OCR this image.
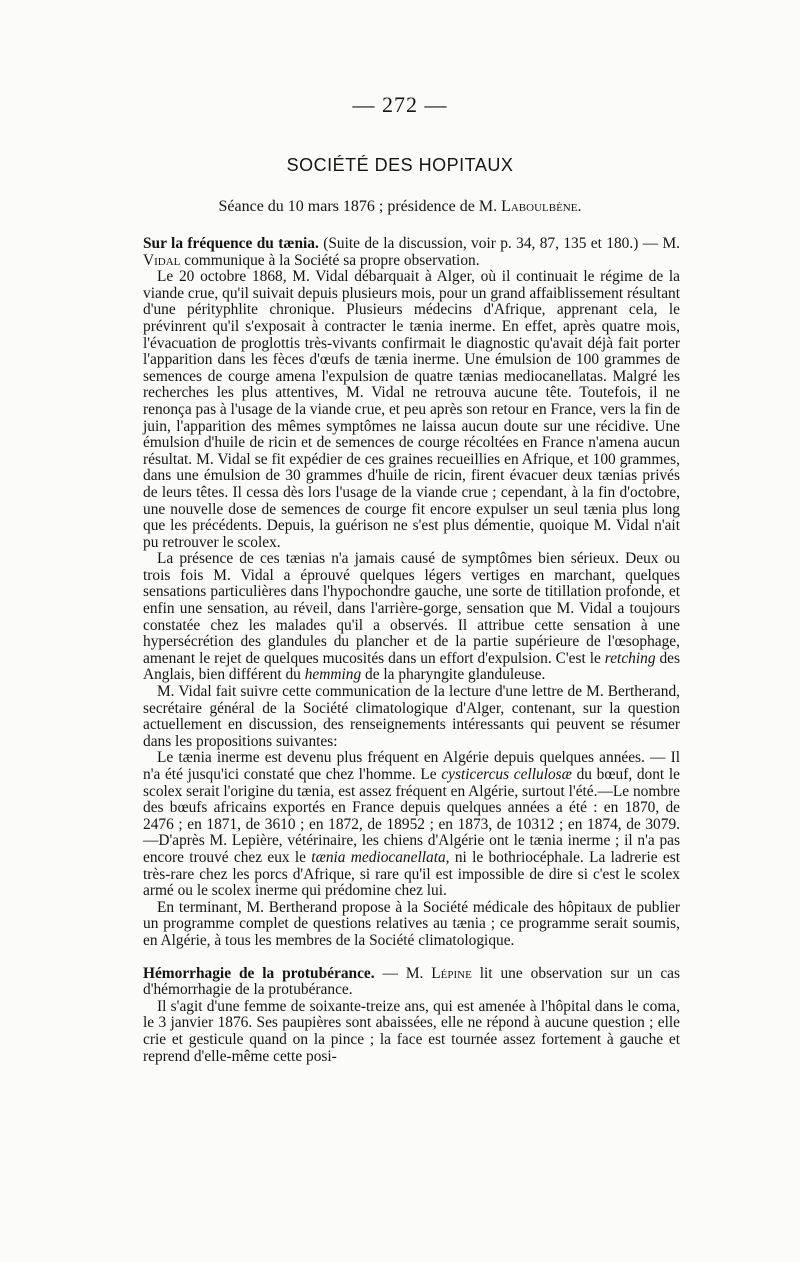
— 272 —
SOCIÉTÉ DES HOPITAUX
Séance du 10 mars 1876 ; présidence de M. Laboulbène.

Sur la fréquence du tænia. (Suite de la discussion, voir p. 34, 87, 135 et 180.) — M. Vidal communique à la Société sa propre observation.

Le 20 octobre 1868, M. Vidal débarquait à Alger, où il continuait le régime de la viande crue, qu'il suivait depuis plusieurs mois, pour un grand affaiblissement résultant d'une pérityphlite chronique. Plusieurs médecins d'Afrique, apprenant cela, le prévinrent qu'il s'exposait à contracter le tænia inerme. En effet, après quatre mois, l'évacuation de proglottis très-vivants confirmait le diagnostic qu'avait déjà fait porter l'apparition dans les fèces d'œufs de tænia inerme. Une émulsion de 100 grammes de semences de courge amena l'expulsion de quatre tænias mediocanellatas. Malgré les recherches les plus attentives, M. Vidal ne retrouva aucune tête. Toutefois, il ne renonça pas à l'usage de la viande crue, et peu après son retour en France, vers la fin de juin, l'apparition des mêmes symptômes ne laissa aucun doute sur une récidive. Une émulsion d'huile de ricin et de semences de courge récoltées en France n'amena aucun résultat. M. Vidal se fit expédier de ces graines recueillies en Afrique, et 100 grammes, dans une émulsion de 30 grammes d'huile de ricin, firent évacuer deux tænias privés de leurs têtes. Il cessa dès lors l'usage de la viande crue ; cependant, à la fin d'octobre, une nouvelle dose de semences de courge fit encore expulser un seul tænia plus long que les précédents. Depuis, la guérison ne s'est plus démentie, quoique M. Vidal n'ait pu retrouver le scolex.

La présence de ces tænias n'a jamais causé de symptômes bien sérieux. Deux ou trois fois M. Vidal a éprouvé quelques légers vertiges en marchant, quelques sensations particulières dans l'hypochondre gauche, une sorte de titillation profonde, et enfin une sensation, au réveil, dans l'arrière-gorge, sensation que M. Vidal a toujours constatée chez les malades qu'il a observés. Il attribue cette sensation à une hypersécrétion des glandules du plancher et de la partie supérieure de l'œsophage, amenant le rejet de quelques mucosités dans un effort d'expulsion. C'est le retching des Anglais, bien différent du hemming de la pharyngite glanduleuse.

M. Vidal fait suivre cette communication de la lecture d'une lettre de M. Bertherand, secrétaire général de la Société climatologique d'Alger, contenant, sur la question actuellement en discussion, des renseignements intéressants qui peuvent se résumer dans les propositions suivantes:

Le tænia inerme est devenu plus fréquent en Algérie depuis quelques années. — Il n'a été jusqu'ici constaté que chez l'homme. Le cysticercus cellulosæ du bœuf, dont le scolex serait l'origine du tænia, est assez fréquent en Algérie, surtout l'été.—Le nombre des bœufs africains exportés en France depuis quelques années a été : en 1870, de 2476 ; en 1871, de 3610 ; en 1872, de 18952 ; en 1873, de 10312 ; en 1874, de 3079.—D'après M. Lepière, vétérinaire, les chiens d'Algérie ont le tænia inerme ; il n'a pas encore trouvé chez eux le tænia mediocanellata, ni le bothriocéphale. La ladrerie est très-rare chez les porcs d'Afrique, si rare qu'il est impossible de dire si c'est le scolex armé ou le scolex inerme qui prédomine chez lui.

En terminant, M. Bertherand propose à la Société médicale des hôpitaux de publier un programme complet de questions relatives au tænia ; ce programme serait soumis, en Algérie, à tous les membres de la Société climatologique.

Hémorrhagie de la protubérance. — M. Lépine lit une observation sur un cas d'hémorrhagie de la protubérance.

Il s'agit d'une femme de soixante-treize ans, qui est amenée à l'hôpital dans le coma, le 3 janvier 1876. Ses paupières sont abaissées, elle ne répond à aucune question ; elle crie et gesticule quand on la pince ; la face est tournée assez fortement à gauche et reprend d'elle-même cette posi-
